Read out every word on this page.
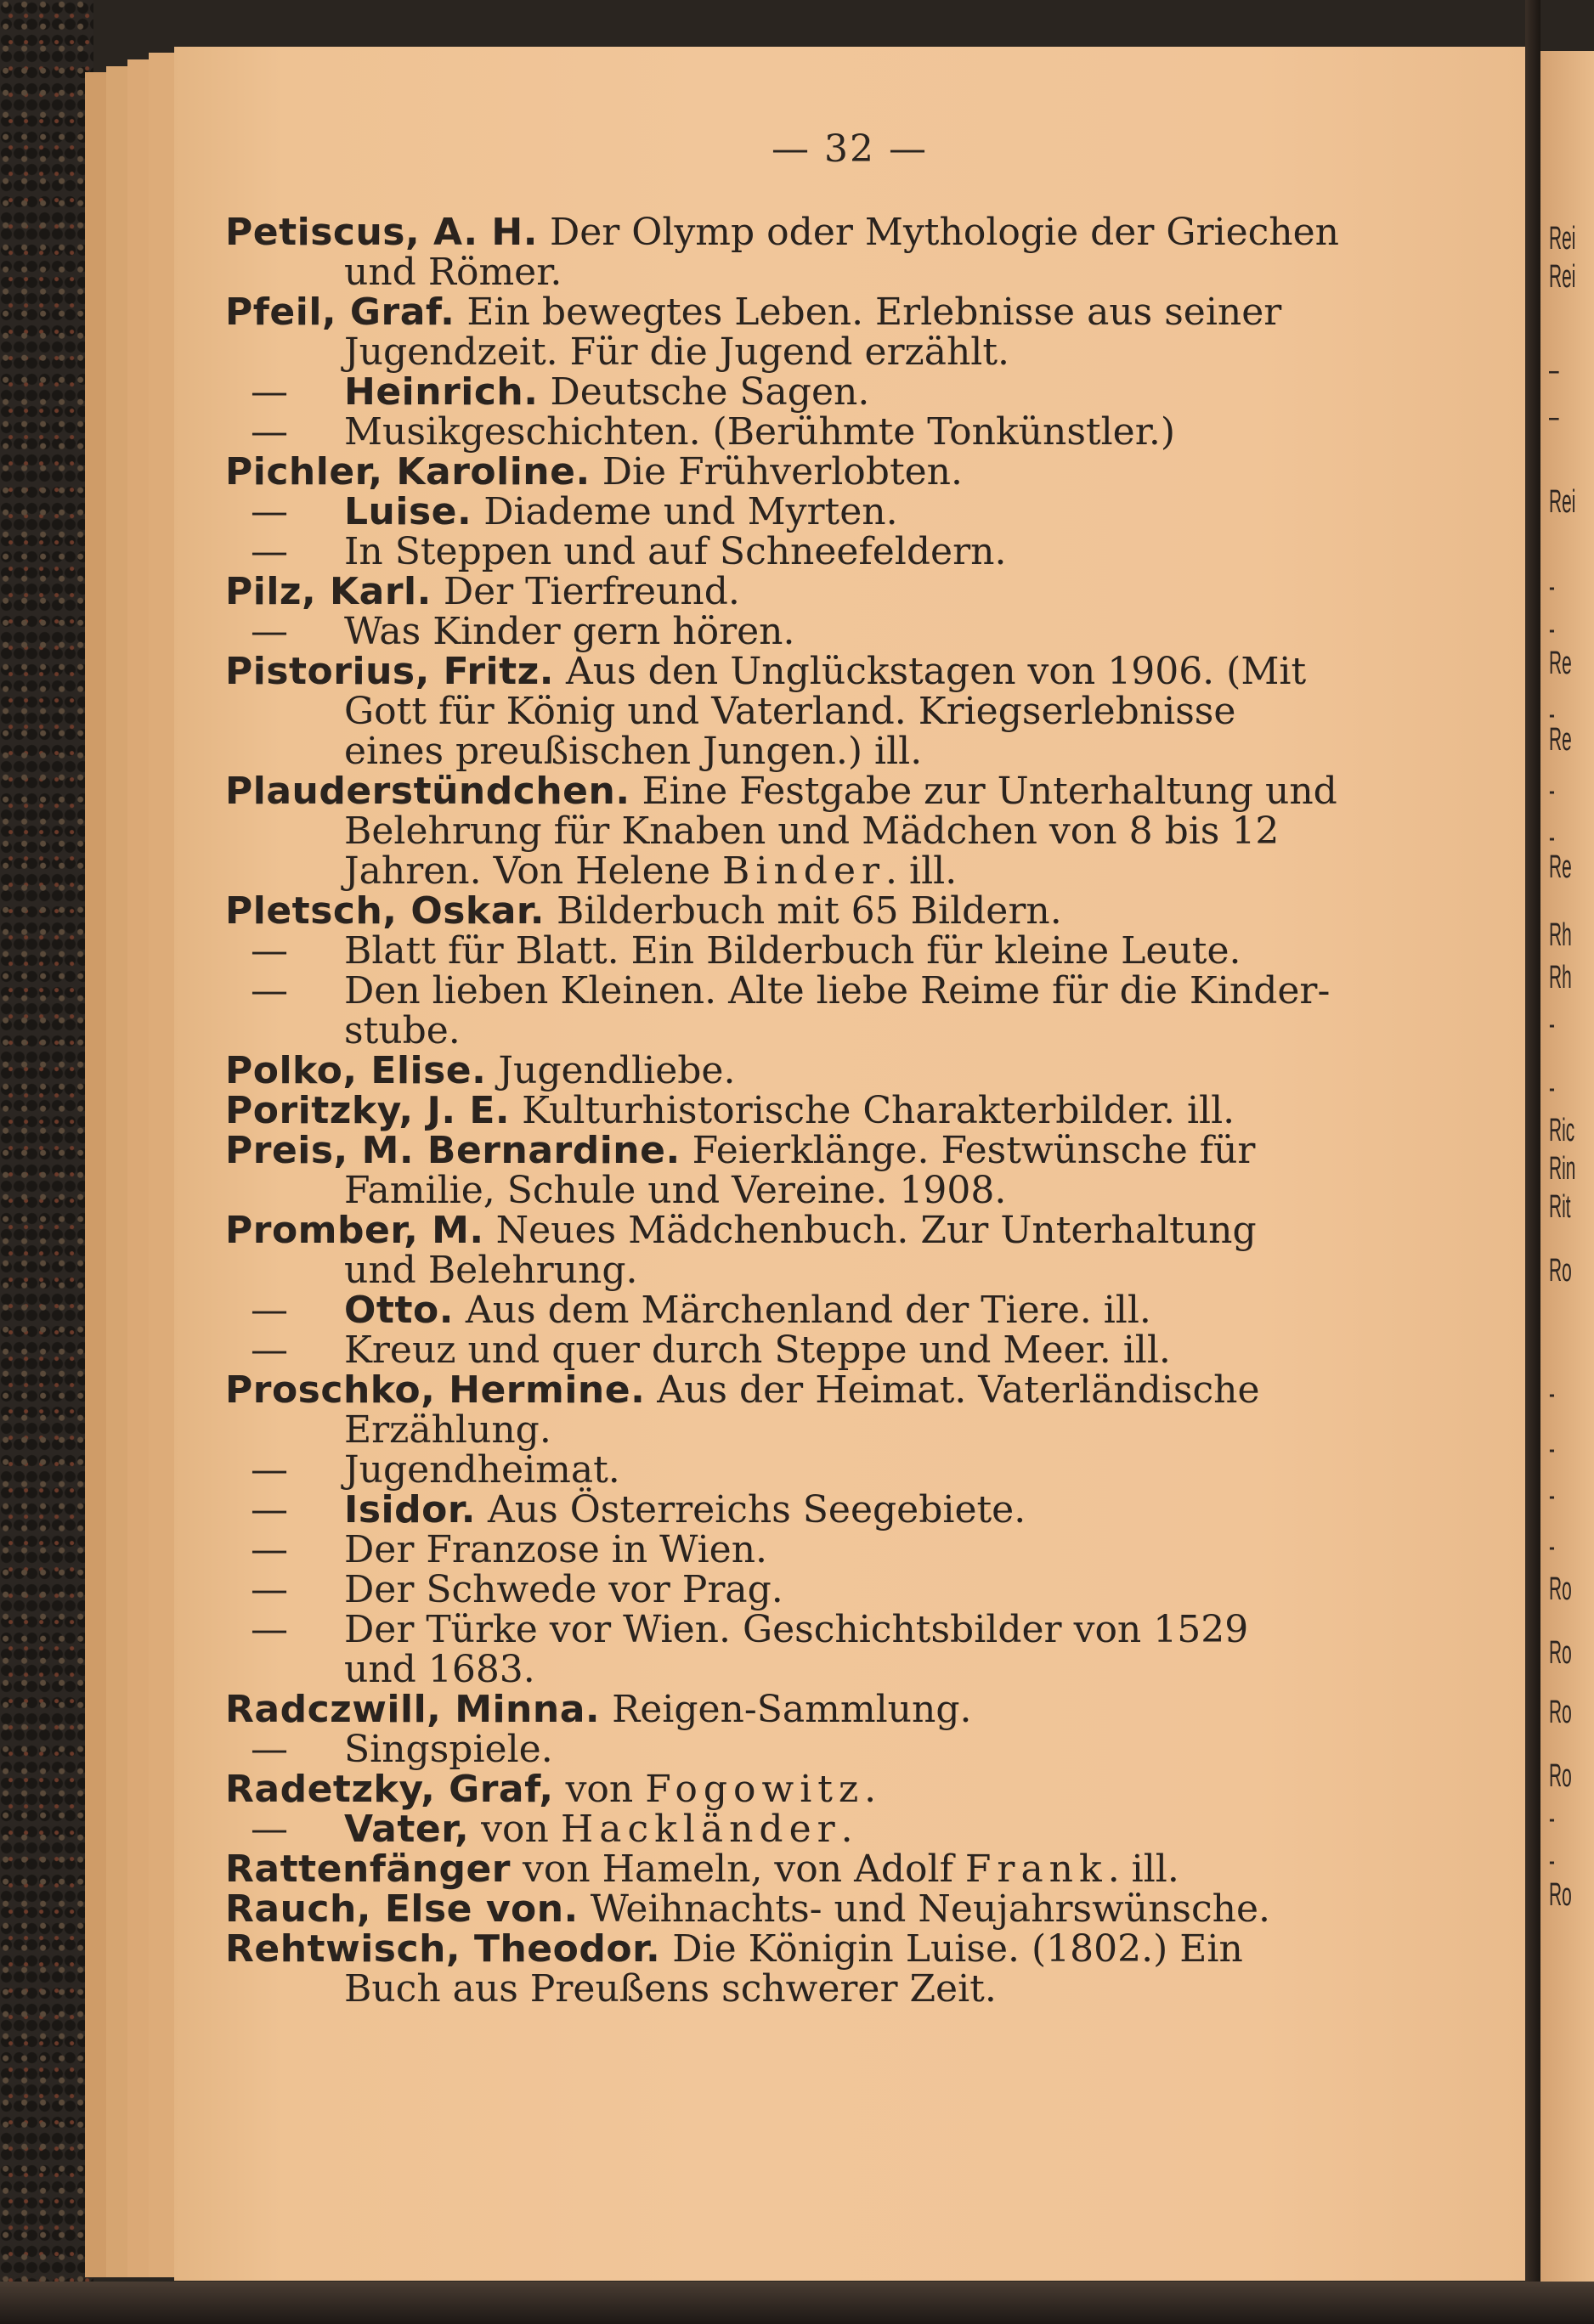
— 32 —
Petiscus, A. H. Der Olymp oder Mythologie der Griechen
und Römer.
Pfeil, Graf. Ein bewegtes Leben. Erlebnisse aus seiner
Jugendzeit. Für die Jugend erzählt.
— Heinrich. Deutsche Sagen.
— Musikgeschichten. (Berühmte Tonkünstler.)
Pichler, Karoline. Die Frühverlobten.
— Luise. Diademe und Myrten.
— In Steppen und auf Schneefeldern.
Pilz, Karl. Der Tierfreund.
— Was Kinder gern hören.
Pistorius, Fritz. Aus den Unglückstagen von 1906. (Mit
Gott für König und Vaterland. Kriegserlebnisse
eines preußischen Jungen.) ill.
Plauderstündchen. Eine Festgabe zur Unterhaltung und
Belehrung für Knaben und Mädchen von 8 bis 12
Jahren. Von Helene Binder. ill.
Pletsch, Oskar. Bilderbuch mit 65 Bildern.
— Blatt für Blatt. Ein Bilderbuch für kleine Leute.
— Den lieben Kleinen. Alte liebe Reime für die Kinder-
stube.
Polko, Elise. Jugendliebe.
Poritzky, J. E. Kulturhistorische Charakterbilder. ill.
Preis, M. Bernardine. Feierklänge. Festwünsche für
Familie, Schule und Vereine. 1908.
Promber, M. Neues Mädchenbuch. Zur Unterhaltung
und Belehrung.
— Otto. Aus dem Märchenland der Tiere. ill.
— Kreuz und quer durch Steppe und Meer. ill.
Proschko, Hermine. Aus der Heimat. Vaterländische
Erzählung.
— Jugendheimat.
— Isidor. Aus Österreichs Seegebiete.
— Der Franzose in Wien.
— Der Schwede vor Prag.
— Der Türke vor Wien. Geschichtsbilder von 1529
und 1683.
Radczwill, Minna. Reigen-Sammlung.
— Singspiele.
Radetzky, Graf, von Fogowitz.
— Vater, von Hackländer.
Rattenfänger von Hameln, von Adolf Frank. ill.
Rauch, Else von. Weihnachts- und Neujahrswünsche.
Rehtwisch, Theodor. Die Königin Luise. (1802.) Ein
Buch aus Preußens schwerer Zeit.
Rei
Rei
–
–
Rei
-
-
Re
-
Re
-
-
Re
Rh
Rh
-
-
Ric
Rin
Rit
Ro
-
-
-
-
Ro
Ro
Ro
Ro
-
-
Ro
